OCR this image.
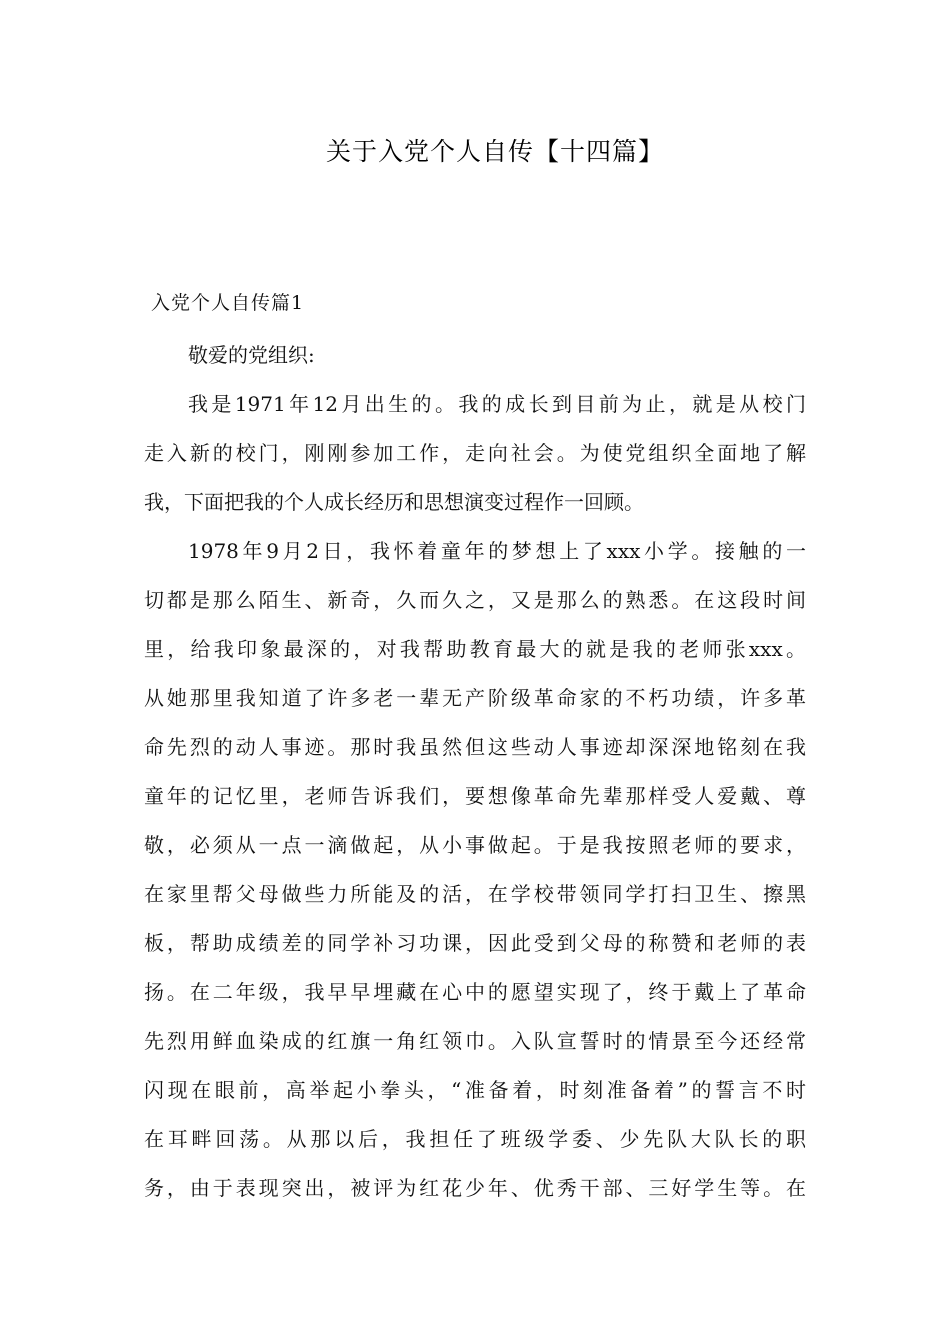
关于入党个人自传【十四篇】
入党个人自传篇1
敬爱的党组织:
我是1971年12月出生的。我的成长到目前为止，就是从校门
走入新的校门，刚刚参加工作，走向社会。为使党组织全面地了解
我，下面把我的个人成长经历和思想演变过程作一回顾。
1978年9月2日，我怀着童年的梦想上了xxx小学。接触的一
切都是那么陌生、新奇，久而久之，又是那么的熟悉。在这段时间
里，给我印象最深的，对我帮助教育最大的就是我的老师张xxx。
从她那里我知道了许多老一辈无产阶级革命家的不朽功绩，许多革
命先烈的动人事迹。那时我虽然但这些动人事迹却深深地铭刻在我
童年的记忆里，老师告诉我们，要想像革命先辈那样受人爱戴、尊
敬，必须从一点一滴做起，从小事做起。于是我按照老师的要求，
在家里帮父母做些力所能及的活，在学校带领同学打扫卫生、擦黑
板，帮助成绩差的同学补习功课，因此受到父母的称赞和老师的表
扬。在二年级，我早早埋藏在心中的愿望实现了，终于戴上了革命
先烈用鲜血染成的红旗一角红领巾。入队宣誓时的情景至今还经常
闪现在眼前，高举起小拳头，“准备着，时刻准备着”的誓言不时
在耳畔回荡。从那以后，我担任了班级学委、少先队大队长的职
务，由于表现突出，被评为红花少年、优秀干部、三好学生等。在
